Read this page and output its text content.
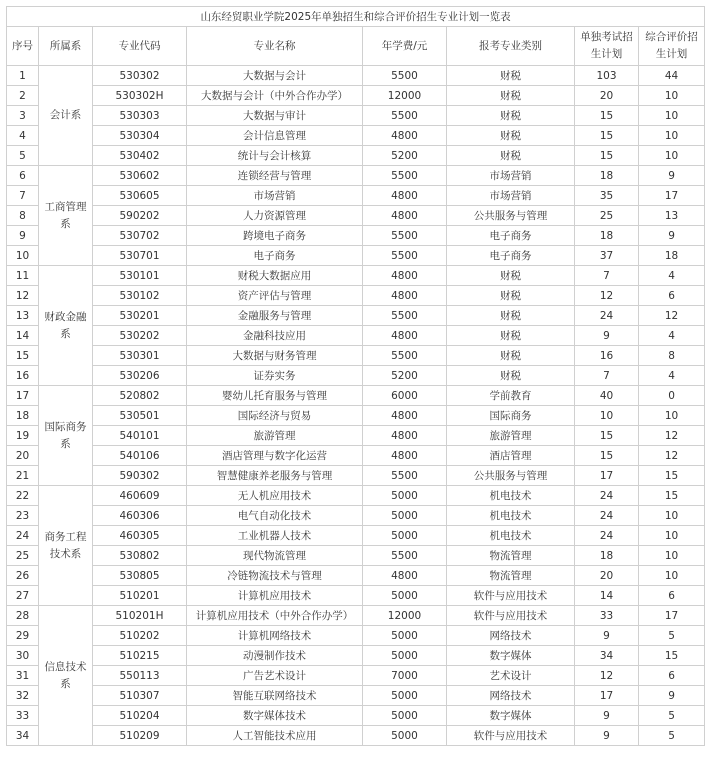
山东经贸职业学院2025年单独招生和综合评价招生专业计划一览表							
序号	所属系	专业代码	专业名称	年学费/元	报考专业类别	单独考试招生计划	综合评价招生计划
1	会计系	530302	大数据与会计	5500	财税	103	44
2		530302H	大数据与会计（中外合作办学）	12000	财税	20	10
3		530303	大数据与审计	5500	财税	15	10
4		530304	会计信息管理	4800	财税	15	10
5		530402	统计与会计核算	5200	财税	15	10
6	工商管理系	530602	连锁经营与管理	5500	市场营销	18	9
7		530605	市场营销	4800	市场营销	35	17
8		590202	人力资源管理	4800	公共服务与管理	25	13
9		530702	跨境电子商务	5500	电子商务	18	9
10		530701	电子商务	5500	电子商务	37	18
11	财政金融系	530101	财税大数据应用	4800	财税	7	4
12		530102	资产评估与管理	4800	财税	12	6
13		530201	金融服务与管理	5500	财税	24	12
14		530202	金融科技应用	4800	财税	9	4
15		530301	大数据与财务管理	5500	财税	16	8
16		530206	证券实务	5200	财税	7	4
17	国际商务系	520802	婴幼儿托育服务与管理	6000	学前教育	40	0
18		530501	国际经济与贸易	4800	国际商务	10	10
19		540101	旅游管理	4800	旅游管理	15	12
20		540106	酒店管理与数字化运营	4800	酒店管理	15	12
21		590302	智慧健康养老服务与管理	5500	公共服务与管理	17	15
22	商务工程技术系	460609	无人机应用技术	5000	机电技术	24	15
23		460306	电气自动化技术	5000	机电技术	24	10
24		460305	工业机器人技术	5000	机电技术	24	10
25		530802	现代物流管理	5500	物流管理	18	10
26		530805	冷链物流技术与管理	4800	物流管理	20	10
27		510201	计算机应用技术	5000	软件与应用技术	14	6
28	信息技术系	510201H	计算机应用技术（中外合作办学）	12000	软件与应用技术	33	17
29		510202	计算机网络技术	5000	网络技术	9	5
30		510215	动漫制作技术	5000	数字媒体	34	15
31		550113	广告艺术设计	7000	艺术设计	12	6
32		510307	智能互联网络技术	5000	网络技术	17	9
33		510204	数字媒体技术	5000	数字媒体	9	5
34		510209	人工智能技术应用	5000	软件与应用技术	9	5
